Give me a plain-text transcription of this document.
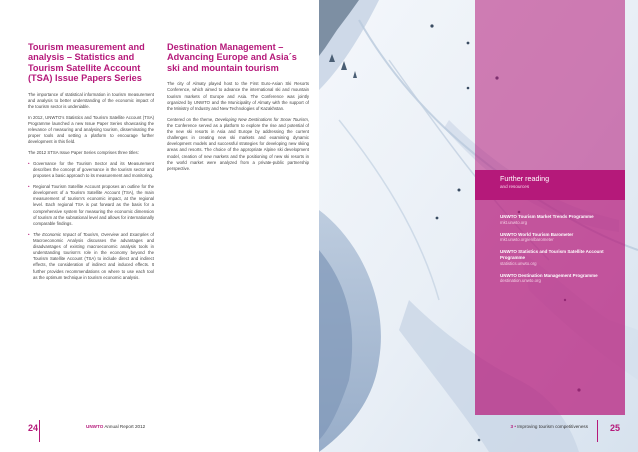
Tourism measurement and analysis – Statistics and Tourism Satellite Account (TSA) Issue Papers Series

The importance of statistical information in tourism measurement and analysis to better understanding of the economic impact of the tourism sector is undeniable.

In 2012, UNWTO’s Statistics and Tourism Satellite Account (TSA) Programme launched a new Issue Paper Series showcasing the relevance of measuring and analysing tourism, disseminating the proper tools and setting a platform to encourage further development in this field.

The 2012 STSA Issue Paper Series comprises three titles:

• Governance for the Tourism Sector and its Measurement describes the concept of governance in the tourism sector and proposes a basic approach to its measurement and monitoring.
• Regional Tourism Satellite Account proposes an outline for the development of a Tourism Satellite Account (TSA), the main measurement of tourism’s economic impact, at the regional level. Each regional TSA is put forward as the basis for a comprehensive system for measuring the economic dimension of tourism at the subnational level and allows for internationally comparable findings.
• The Economic Impact of Tourism, Overview and Examples of Macroeconomic Analysis discusses the advantages and disadvantages of existing macroeconomic analysis tools in understanding tourism’s role in the economy beyond the Tourism Satellite Account (TSA) to include direct and indirect effects, the consideration of indirect and induced effects. It further provides recommendations on where to use each tool as the optimum technique in tourism economic analysis.
Destination Management – Advancing Europe and Asia´s ski and mountain tourism

The city of Almaty played host to the First Euro-Asian Ski Resorts Conference, which aimed to advance the international ski and mountain tourism markets of Europe and Asia. The Conference was jointly organized by UNWTO and the Municipality of Almaty with the support of the Ministry of Industry and New Technologies of Kazakhstan.

Centered on the theme, Developing New Destinations for Snow Tourism, the Conference served as a platform to explore the rise and potential of the new ski resorts in Asia and Europe by addressing the current challenges in creating new ski markets and examining dynamic development models and successful strategies for developing new skiing areas and resorts. The choice of the appropriate Alpine ski development model, creation of new markets and the positioning of new ski resorts in the world market were analyzed from a private-public partnership perspective.

24	UNWTO Annual Report 2012
Further reading
and resources

UNWTO Tourism Market Trends Programme

mkt.unwto.org

UNWTO World Tourism Barometer

mkt.unwto.org/en/barometer

UNWTO Statistics and Tourism Satellite Account Programme

statistics.unwto.org

UNWTO Destination Management Programme

destination.unwto.org

3 • Improving tourism competitiveness 25
